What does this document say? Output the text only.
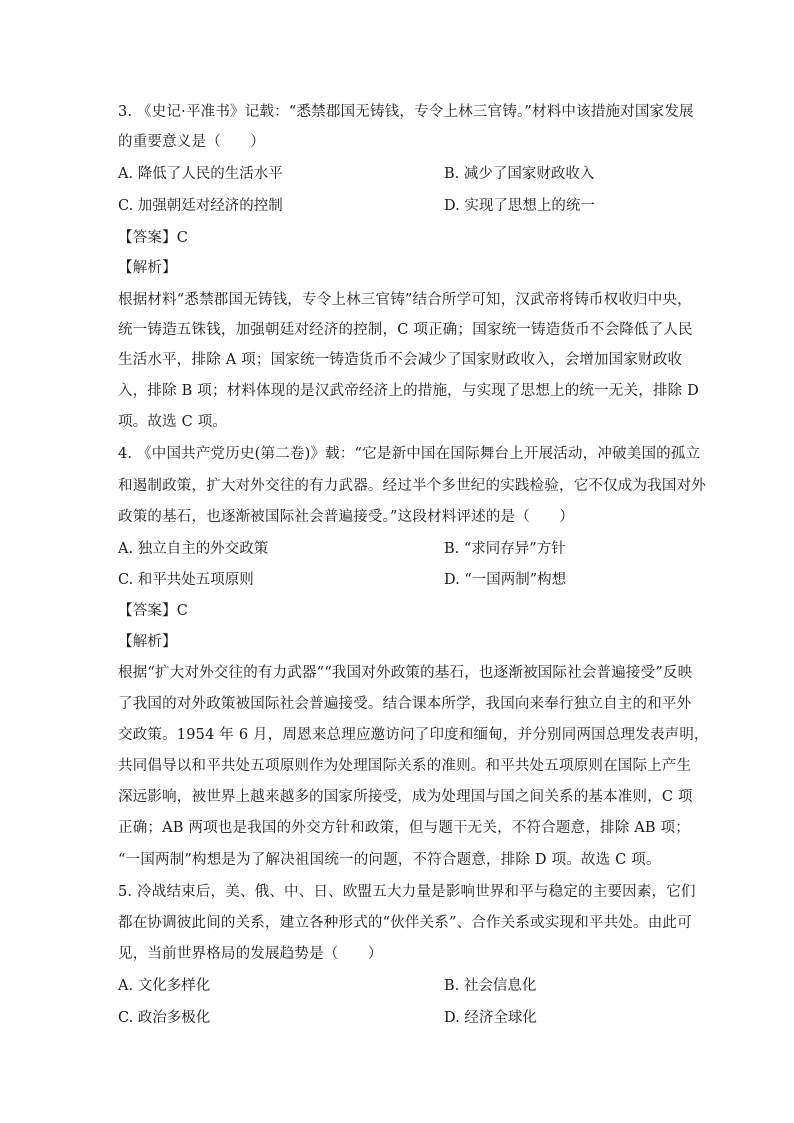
3. 《史记·平准书》记载：“悉禁郡国无铸钱，专令上林三官铸。”材料中该措施对国家发展
的重要意义是（　　）
A. 降低了人民的生活水平	B. 减少了国家财政收入
C. 加强朝廷对经济的控制	D. 实现了思想上的统一
【答案】C
【解析】
根据材料“悉禁郡国无铸钱，专令上林三官铸”结合所学可知，汉武帝将铸币权收归中央，
统一铸造五铢钱，加强朝廷对经济的控制，C 项正确；国家统一铸造货币不会降低了人民
生活水平，排除 A 项；国家统一铸造货币不会减少了国家财政收入，会增加国家财政收
入，排除 B 项；材料体现的是汉武帝经济上的措施，与实现了思想上的统一无关，排除 D
项。故选 C 项。
4. 《中国共产党历史(第二卷)》载：“它是新中国在国际舞台上开展活动，冲破美国的孤立
和遏制政策，扩大对外交往的有力武器。经过半个多世纪的实践检验，它不仅成为我国对外
政策的基石，也逐渐被国际社会普遍接受。”这段材料评述的是（　　）
A. 独立自主的外交政策	B. “求同存异”方针
C. 和平共处五项原则	D. “一国两制”构想
【答案】C
【解析】
根据“扩大对外交往的有力武器”“我国对外政策的基石，也逐渐被国际社会普遍接受”反映
了我国的对外政策被国际社会普遍接受。结合课本所学，我国向来奉行独立自主的和平外
交政策。1954 年 6 月，周恩来总理应邀访问了印度和缅甸，并分别同两国总理发表声明，
共同倡导以和平共处五项原则作为处理国际关系的准则。和平共处五项原则在国际上产生
深远影响，被世界上越来越多的国家所接受，成为处理国与国之间关系的基本准则，C 项
正确；AB 两项也是我国的外交方针和政策，但与题干无关，不符合题意，排除 AB 项；
“一国两制”构想是为了解决祖国统一的问题，不符合题意，排除 D 项。故选 C 项。
5. 冷战结束后，美、俄、中、日、欧盟五大力量是影响世界和平与稳定的主要因素，它们
都在协调彼此间的关系，建立各种形式的“伙伴关系”、合作关系或实现和平共处。由此可
见，当前世界格局的发展趋势是（　　）
A. 文化多样化	B. 社会信息化
C. 政治多极化	D. 经济全球化
